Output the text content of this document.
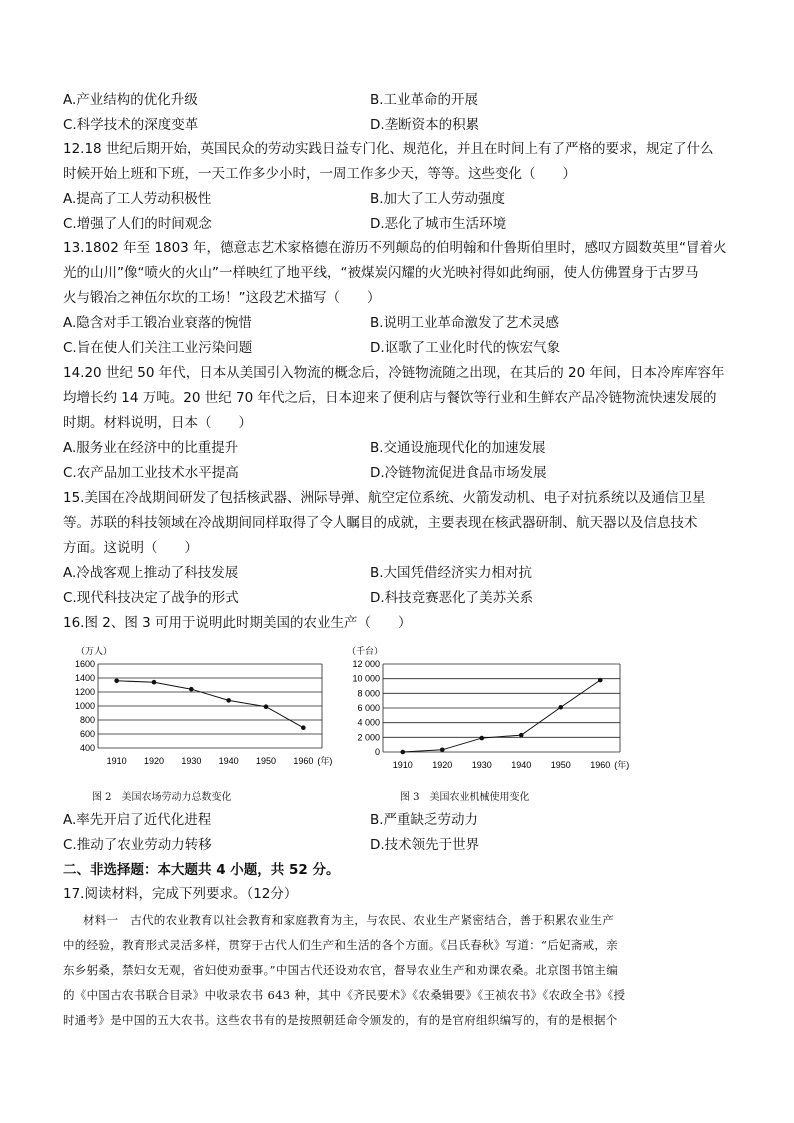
A.产业结构的优化升级	B.工业革命的开展
C.科学技术的深度变革	D.垄断资本的积累
12.18 世纪后期开始，英国民众的劳动实践日益专门化、规范化，并且在时间上有了严格的要求，规定了什么
时候开始上班和下班，一天工作多少小时，一周工作多少天，等等。这些变化（　　）
A.提高了工人劳动积极性	B.加大了工人劳动强度
C.增强了人们的时间观念	D.恶化了城市生活环境
13.1802 年至 1803 年，德意志艺术家格德在游历不列颠岛的伯明翰和什鲁斯伯里时，感叹方圆数英里“冒着火
光的山川”像“喷火的火山”一样映红了地平线，“被煤炭闪耀的火光映衬得如此绚丽，使人仿佛置身于古罗马
火与锻冶之神伍尔坎的工场！”这段艺术描写（　　）
A.隐含对手工锻冶业衰落的惋惜	B.说明工业革命激发了艺术灵感
C.旨在使人们关注工业污染问题	D.讴歌了工业化时代的恢宏气象
14.20 世纪 50 年代，日本从美国引入物流的概念后，冷链物流随之出现，在其后的 20 年间，日本冷库库容年
均增长约 14 万吨。20 世纪 70 年代之后，日本迎来了便利店与餐饮等行业和生鲜农产品冷链物流快速发展的
时期。材料说明，日本（　　）
A.服务业在经济中的比重提升	B.交通设施现代化的加速发展
C.农产品加工业技术水平提高	D.冷链物流促进食品市场发展
15.美国在冷战期间研发了包括核武器、洲际导弹、航空定位系统、火箭发动机、电子对抗系统以及通信卫星
等。苏联的科技领域在冷战期间同样取得了令人瞩目的成就，主要表现在核武器研制、航天器以及信息技术
方面。这说明（　　）
A.冷战客观上推动了科技发展	B.大国凭借经济实力相对抗
C.现代科技决定了战争的形式	D.科技竞赛恶化了美苏关系
16.图 2、图 3 可用于说明此时期美国的农业生产（　　）
（万人）
400
600
800
1000
1200
1400
1600
1910 1920 1930 1940 1950 1960 (年)
（千台）
0
2 000
4 000
6 000
8 000
10 000
12 000
1910 1920 1930 1940 1950 1960 (年)
图 2　美国农场劳动力总数变化	图 3　美国农业机械使用变化
A.率先开启了近代化进程	B.严重缺乏劳动力
C.推动了农业劳动力转移	D.技术领先于世界
二、非选择题：本大题共 4 小题，共 52 分。
17.阅读材料，完成下列要求。（12分）
材料一　古代的农业教育以社会教育和家庭教育为主，与农民、农业生产紧密结合，善于积累农业生产
中的经验，教育形式灵活多样，贯穿于古代人们生产和生活的各个方面。《吕氏春秋》写道：“后妃斋戒，亲
东乡躬桑，禁妇女无观，省妇使劝蚕事。”中国古代还设劝农官，督导农业生产和劝课农桑。北京图书馆主编
的《中国古农书联合目录》中收录农书 643 种，其中《齐民要术》《农桑辑要》《王祯农书》《农政全书》《授
时通考》是中国的五大农书。这些农书有的是按照朝廷命令颁发的，有的是官府组织编写的，有的是根据个
